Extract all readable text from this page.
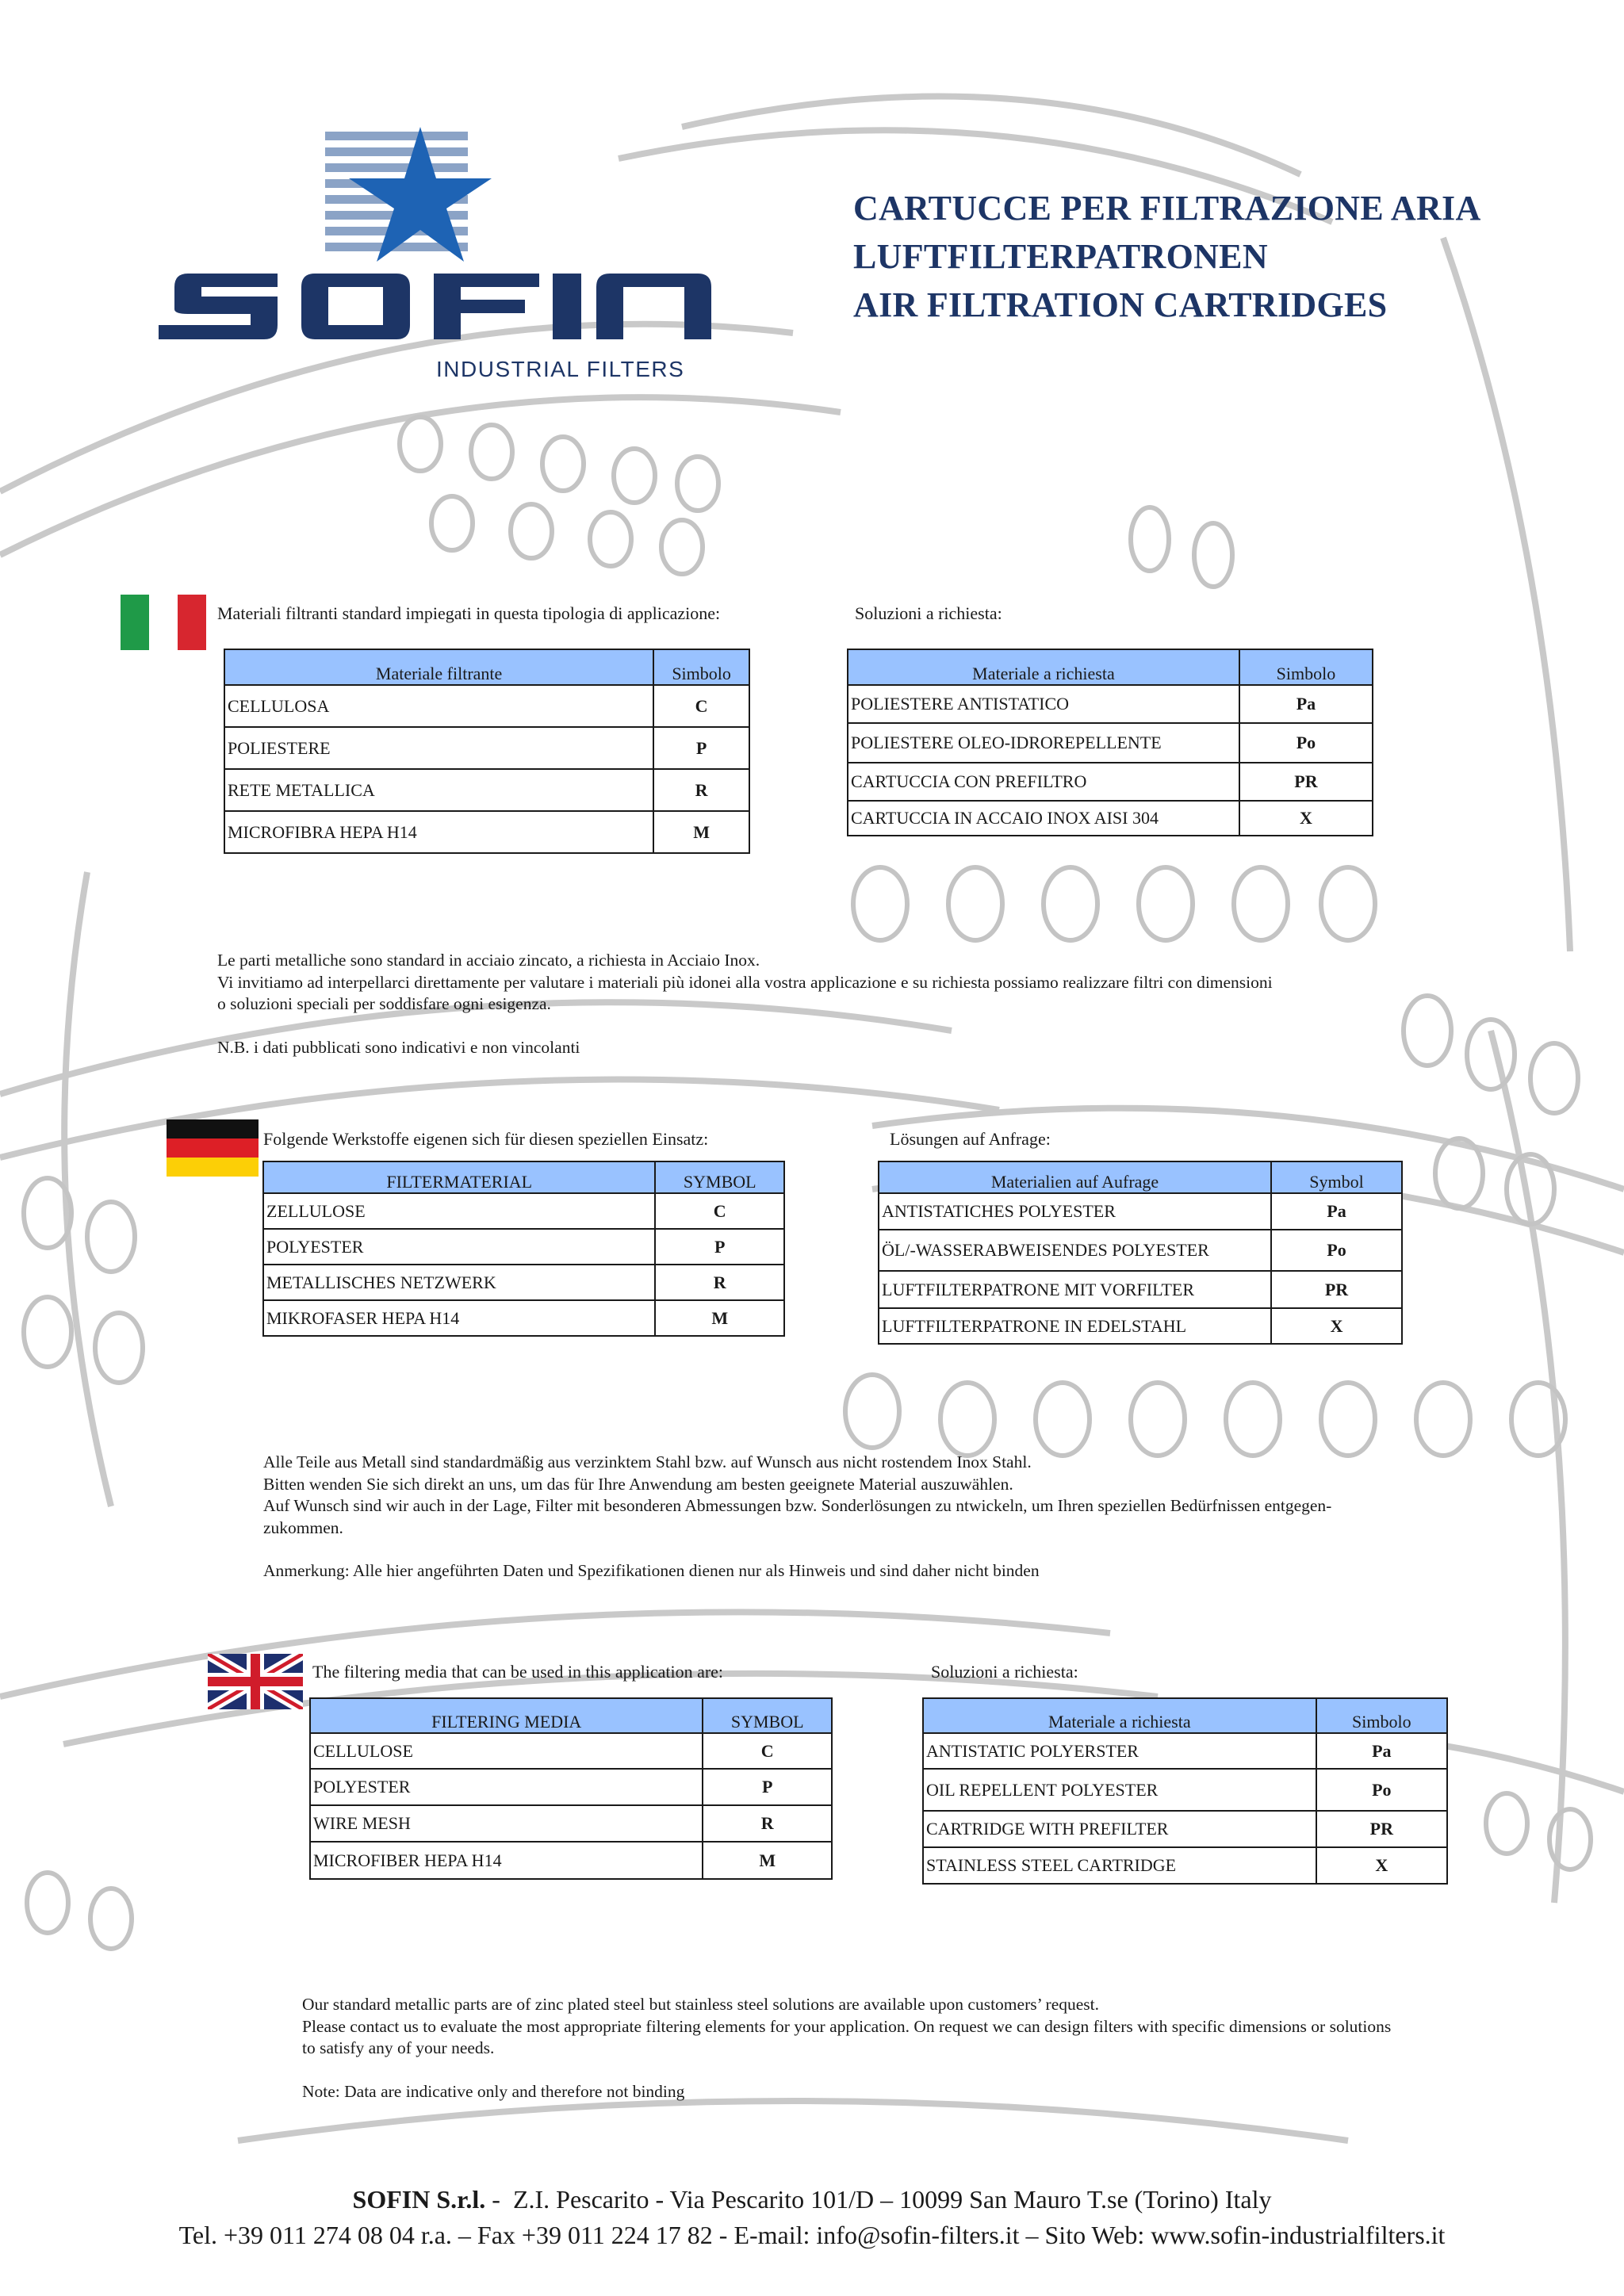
INDUSTRIAL FILTERS
CARTUCCE PER FILTRAZIONE ARIA
LUFTFILTERPATRONEN
AIR FILTRATION CARTRIDGES
Materiali filtranti standard impiegati in questa tipologia di applicazione:	Soluzioni a richiesta:
Materiale filtrante	Simbolo
CELLULOSA	C
POLIESTERE	P
RETE METALLICA	R
MICROFIBRA HEPA H14	M
Materiale a richiesta	Simbolo
POLIESTERE ANTISTATICO	Pa
POLIESTERE OLEO-IDROREPELLENTE	Po
CARTUCCIA CON PREFILTRO	PR
CARTUCCIA IN ACCAIO INOX AISI 304	X

Le parti metalliche sono standard in acciaio zincato, a richiesta in Acciaio Inox.

Vi invitiamo ad interpellarci direttamente per valutare i materiali più idonei alla vostra applicazione e su richiesta possiamo realizzare filtri con dimensioni

o soluzioni speciali per soddisfare ogni esigenza.

N.B. i dati pubblicati sono indicativi e non vincolanti

Folgende Werkstoffe eigenen sich für diesen speziellen Einsatz:	Lösungen auf Anfrage:
FILTERMATERIAL	SYMBOL
ZELLULOSE	C
POLYESTER	P
METALLISCHES NETZWERK	R
MIKROFASER HEPA H14	M
Materialien auf Aufrage	Symbol
ANTISTATICHES POLYESTER	Pa
ÖL/-WASSERABWEISENDES POLYESTER	Po
LUFTFILTERPATRONE MIT VORFILTER	PR
LUFTFILTERPATRONE IN EDELSTAHL	X

Alle Teile aus Metall sind standardmäßig aus verzinktem Stahl bzw. auf Wunsch aus nicht rostendem Inox Stahl.

Bitten wenden Sie sich direkt an uns, um das für Ihre Anwendung am besten geeignete Material auszuwählen.

Auf Wunsch sind wir auch in der Lage, Filter mit besonderen Abmessungen bzw. Sonderlösungen zu ntwickeln, um Ihren speziellen Bedürfnissen entgegen-

zukommen.

Anmerkung: Alle hier angeführten Daten und Spezifikationen dienen nur als Hinweis und sind daher nicht binden

The filtering media that can be used in this application are:	Soluzioni a richiesta:
FILTERING MEDIA	SYMBOL
CELLULOSE	C
POLYESTER	P
WIRE MESH	R
MICROFIBER HEPA H14	M
Materiale a richiesta	Simbolo
ANTISTATIC POLYERSTER	Pa
OIL REPELLENT POLYESTER	Po
CARTRIDGE WITH PREFILTER	PR
STAINLESS STEEL CARTRIDGE	X

Our standard metallic parts are of zinc plated steel but stainless steel solutions are available upon customers’ request.

Please contact us to evaluate the most appropriate filtering elements for your application. On request we can design filters with specific dimensions or solutions

to satisfy any of your needs.

Note: Data are indicative only and therefore not binding

SOFIN S.r.l. -  Z.I. Pescarito - Via Pescarito 101/D – 10099 San Mauro T.se (Torino) Italy
Tel. +39 011 274 08 04 r.a. – Fax +39 011 224 17 82 - E-mail: info@sofin-filters.it – Sito Web: www.sofin-industrialfilters.it
